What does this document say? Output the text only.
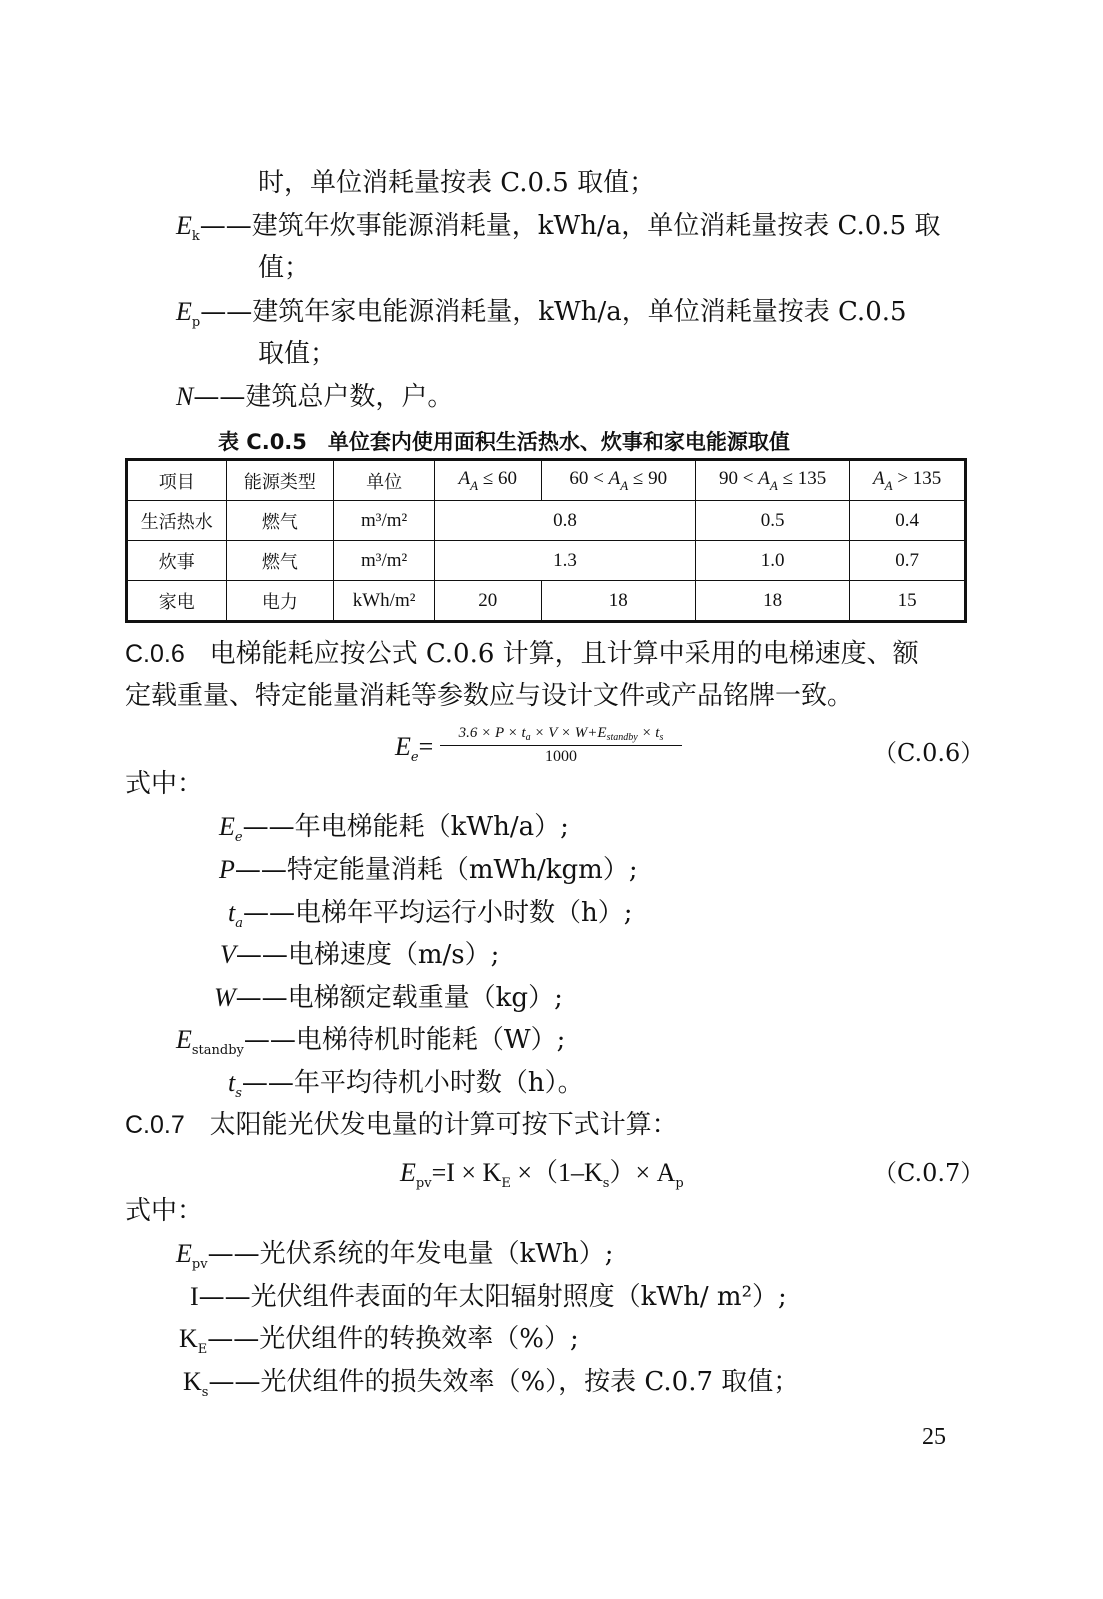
时，单位消耗量按表 C.0.5 取值；
$E_k——$建筑年炊事能源消耗量，kWh/a，单位消耗量按表 C.0.5 取
值；
$E_p——$建筑年家电能源消耗量，kWh/a，单位消耗量按表 C.0.5
取值；
N——建筑总户数，户。
表 C.0.5　单位套内使用面积生活热水、炊事和家电能源取值
项目	能源类型	单位	$A_A \le 60$	$60 < A_A \le 90$	$90 < A_A \le 135$	$A_A > 135$
生活热水	燃气	m³/m²	0.8		0.5	0.4
炊事	燃气	m³/m²	1.3		1.0	0.7
家电	电力	kWh/m²	20	18	18	15
C.0.6 电梯能耗应按公式 C.0.6 计算，且计算中采用的电梯速度、额
定载重量、特定能量消耗等参数应与设计文件或产品铭牌一致。
$E_e=$	$3.6 \times P \times t_a \times V \times W+E_{standby} \times t_s$
1000	（C.0.6）
式中：
$E_e——$年电梯能耗（kWh/a）;
P——特定能量消耗（mWh/kgm）;
$t_a——$电梯年平均运行小时数（h）;
V——电梯速度（m/s）;
W——电梯额定载重量（kg）;
$E_{standby}——$电梯待机时能耗（W）;
$t_s——$年平均待机小时数（h）。
C.0.7 太阳能光伏发电量的计算可按下式计算：
$E_{pv}=I \times K_E \times(1-K_s)\times A_p$	（C.0.7）
式中：
$E_{pv}——$光伏系统的年发电量（kWh）;
I——光伏组件表面的年太阳辐射照度（kWh/ m²）;
$K_E——$光伏组件的转换效率（%）;
$K_s——$光伏组件的损失效率（%），按表 C.0.7 取值；
25
